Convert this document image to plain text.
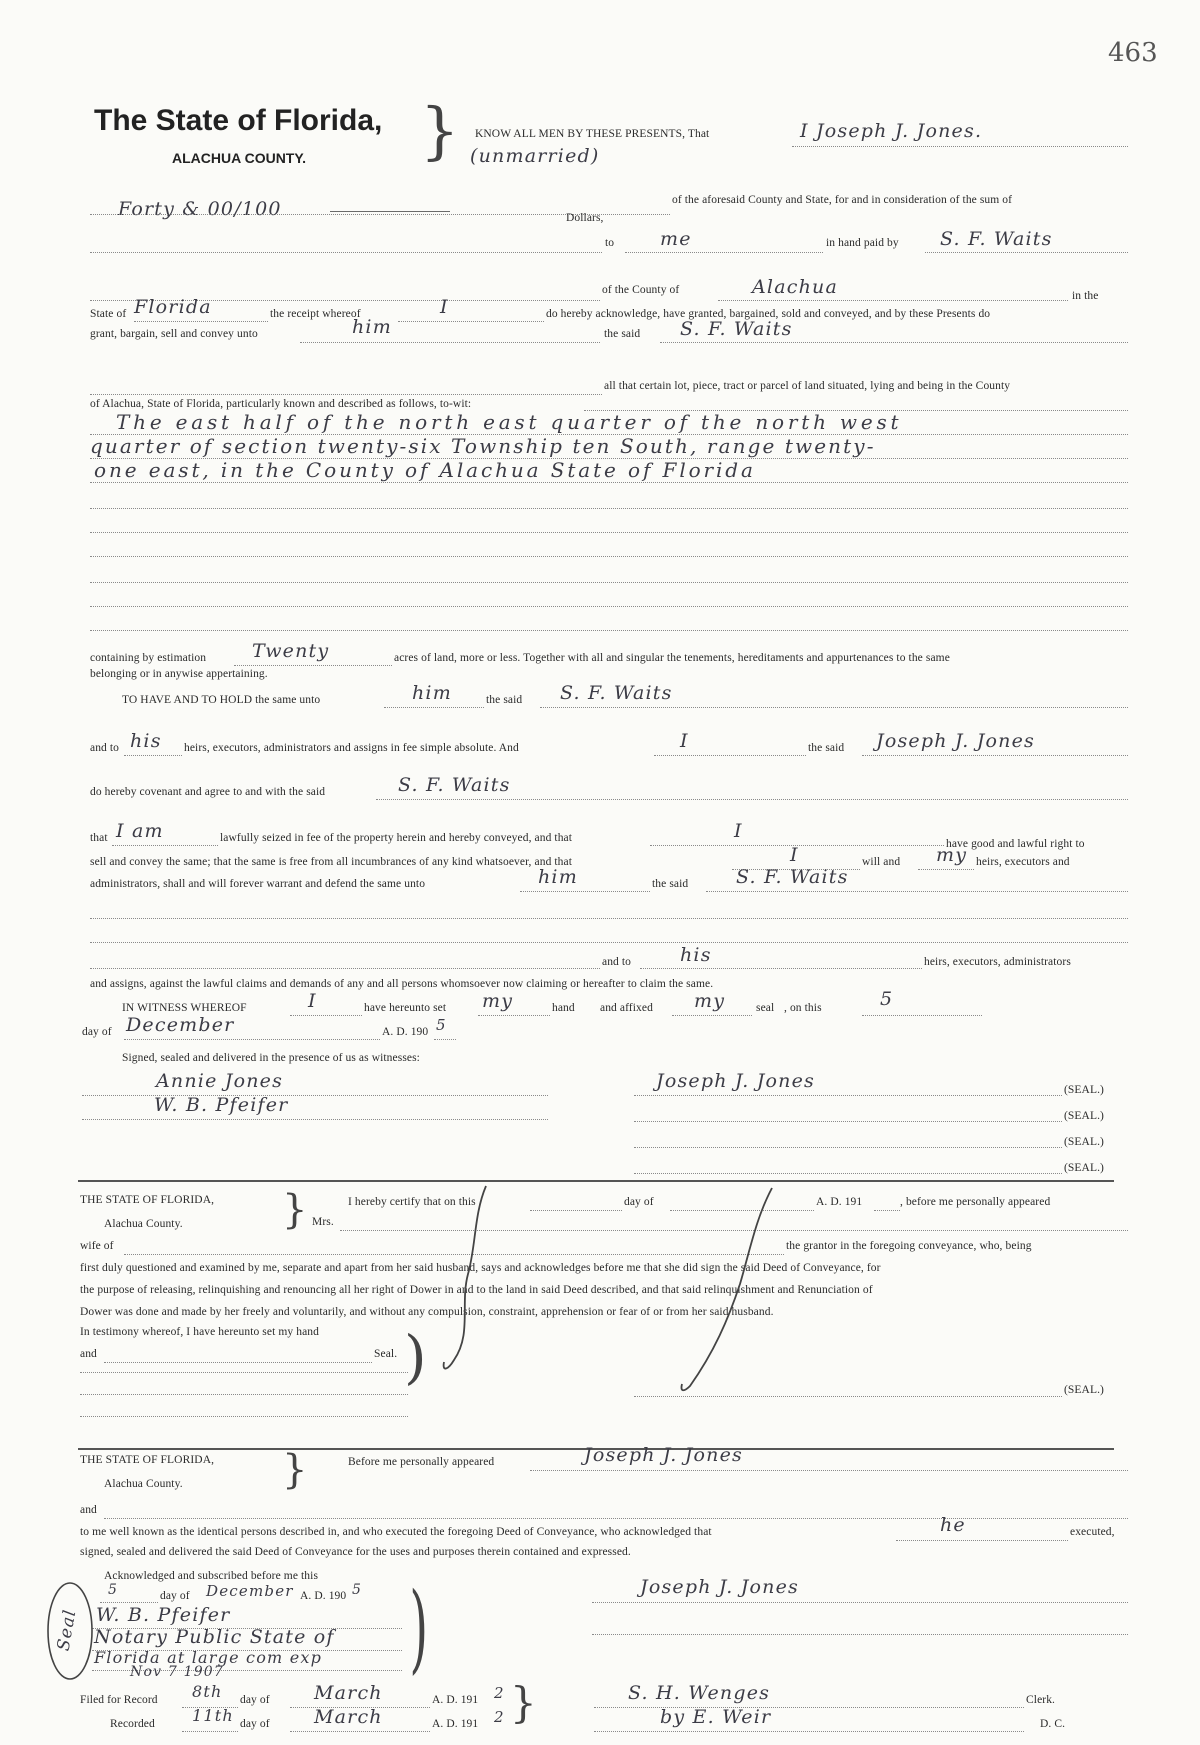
463
The State of Florida,
ALACHUA COUNTY. } KNOW ALL MEN BY THESE PRESENTS, That	I Joseph J. Jones.
(unmarried)
Forty & 00/100	of the aforesaid County and State, for and in consideration of the sum of
Dollars,
to me	in hand paid by S. F. Waits
of the County of	Alachua	in the
State of Florida	the receipt whereof	I	do hereby acknowledge, have granted, bargained, sold and conveyed, and by these Presents do
grant, bargain, sell and convey unto	him	the said S. F. Waits
all that certain lot, piece, tract or parcel of land situated, lying and being in the County
of Alachua, State of Florida, particularly known and described as follows, to-wit:
The east half of the north east quarter of the north west
quarter of section twenty-six Township ten South, range twenty-
one east, in the County of Alachua State of Florida
containing by estimation Twenty	acres of land, more or less. Together with all and singular the tenements, hereditaments and appurtenances to the same
belonging or in anywise appertaining.
TO HAVE AND TO HOLD the same unto	him	the said S. F. Waits
and to his heirs, executors, administrators and assigns in fee simple absolute. And	I	the said Joseph J. Jones
do hereby covenant and agree to and with the said	S. F. Waits
that I am	lawfully seized in fee of the property herein and hereby conveyed, and that	I
have good and lawful right to
sell and convey the same; that the same is free from all incumbrances of any kind whatsoever, and that	I	will and my heirs, executors and
administrators, shall and will forever warrant and defend the same unto	him	the said	S. F. Waits
and to	his	heirs, executors, administrators
and assigns, against the lawful claims and demands of any and all persons whomsoever now claiming or hereafter to claim the same.
IN WITNESS WHEREOF	I	have hereunto set my	hand and affixed my	seal , on this	5
day of December	A. D. 190 5
Signed, sealed and delivered in the presence of us as witnesses:
Annie Jones
W. B. Pfeifer
Joseph J. Jones	(SEAL.)
(SEAL.)
(SEAL.)
(SEAL.)
THE STATE OF FLORIDA,
Alachua County. }	I hereby certify that on this	day of	A. D. 191	, before me personally appeared
Mrs.
wife of	the grantor in the foregoing conveyance, who, being
first duly questioned and examined by me, separate and apart from her said husband, says and acknowledges before me that she did sign the said Deed of Conveyance, for
the purpose of releasing, relinquishing and renouncing all her right of Dower in and to the land in said Deed described, and that said relinquishment and Renunciation of
Dower was done and made by her freely and voluntarily, and without any compulsion, constraint, apprehension or fear of or from her said husband.
In testimony whereof, I have hereunto set my hand
and	Seal. )	(SEAL.)
THE STATE OF FLORIDA,
Alachua County. }	Before me personally appeared	Joseph J. Jones
and
to me well known as the identical persons described in, and who executed the foregoing Deed of Conveyance, who acknowledged that	he	executed,
signed, sealed and delivered the said Deed of Conveyance for the uses and purposes therein contained and expressed.
Acknowledged and subscribed before me this
5	day of December A. D. 190 5
W. B. Pfeifer
Notary Public State of
Florida at large com exp
Nov 7 1907 )
Seal
Joseph J. Jones
Filed for Record 8th day of March	A. D. 191 2 }	S. H. Wenges	Clerk.
Recorded 11th day of March	A. D. 191 2	by E. Weir	D. C.
